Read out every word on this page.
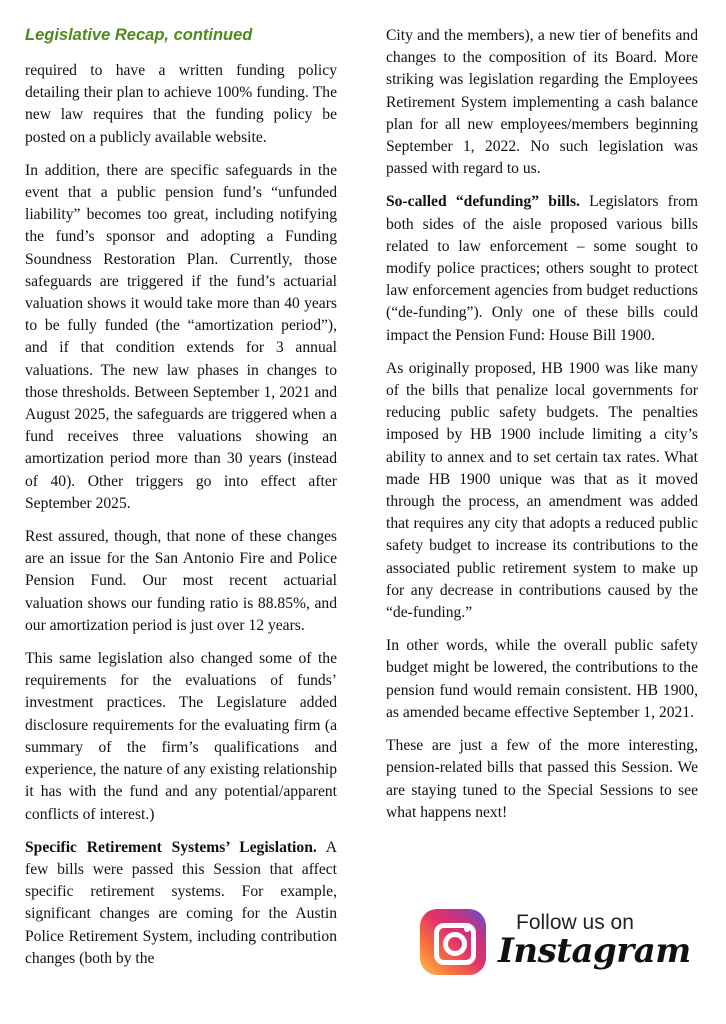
Legislative Recap, continued

required to have a written funding policy detailing their plan to achieve 100% funding. The new law requires that the funding policy be posted on a publicly available website.

In addition, there are specific safeguards in the event that a public pension fund’s “unfunded liability” becomes too great, including notifying the fund’s sponsor and adopting a Funding Soundness Restoration Plan. Currently, those safeguards are triggered if the fund’s actuarial valuation shows it would take more than 40 years to be fully funded (the “amortization period”), and if that condition extends for 3 annual valuations. The new law phases in changes to those thresholds. Between September 1, 2021 and August 2025, the safeguards are triggered when a fund receives three valuations showing an amortization period more than 30 years (instead of 40). Other triggers go into effect after September 2025.

Rest assured, though, that none of these changes are an issue for the San Antonio Fire and Police Pension Fund. Our most recent actuarial valuation shows our funding ratio is 88.85%, and our amortization period is just over 12 years.

This same legislation also changed some of the requirements for the evaluations of funds’ investment practices. The Legislature added disclosure requirements for the evaluating firm (a summary of the firm’s qualifications and experience, the nature of any existing relationship it has with the fund and any potential/apparent conflicts of interest.)

Specific Retirement Systems’ Legislation. A few bills were passed this Session that affect specific retirement systems. For example, significant changes are coming for the Austin Police Retirement System, including contribution changes (both by the

City and the members), a new tier of benefits and changes to the composition of its Board. More striking was legislation regarding the Employees Retirement System implementing a cash balance plan for all new employees/members beginning September 1, 2022. No such legislation was passed with regard to us.

So-called “defunding” bills. Legislators from both sides of the aisle proposed various bills related to law enforcement – some sought to modify police practices; others sought to protect law enforcement agencies from budget reductions (“de-funding”). Only one of these bills could impact the Pension Fund: House Bill 1900.

As originally proposed, HB 1900 was like many of the bills that penalize local governments for reducing public safety budgets. The penalties imposed by HB 1900 include limiting a city’s ability to annex and to set certain tax rates. What made HB 1900 unique was that as it moved through the process, an amendment was added that requires any city that adopts a reduced public safety budget to increase its contributions to the associated public retirement system to make up for any decrease in contributions caused by the “de-funding.”

In other words, while the overall public safety budget might be lowered, the contributions to the pension fund would remain consistent. HB 1900, as amended became effective September 1, 2021.

These are just a few of the more interesting, pension-related bills that passed this Session. We are staying tuned to the Special Sessions to see what happens next!

Follow us on
Instagram
